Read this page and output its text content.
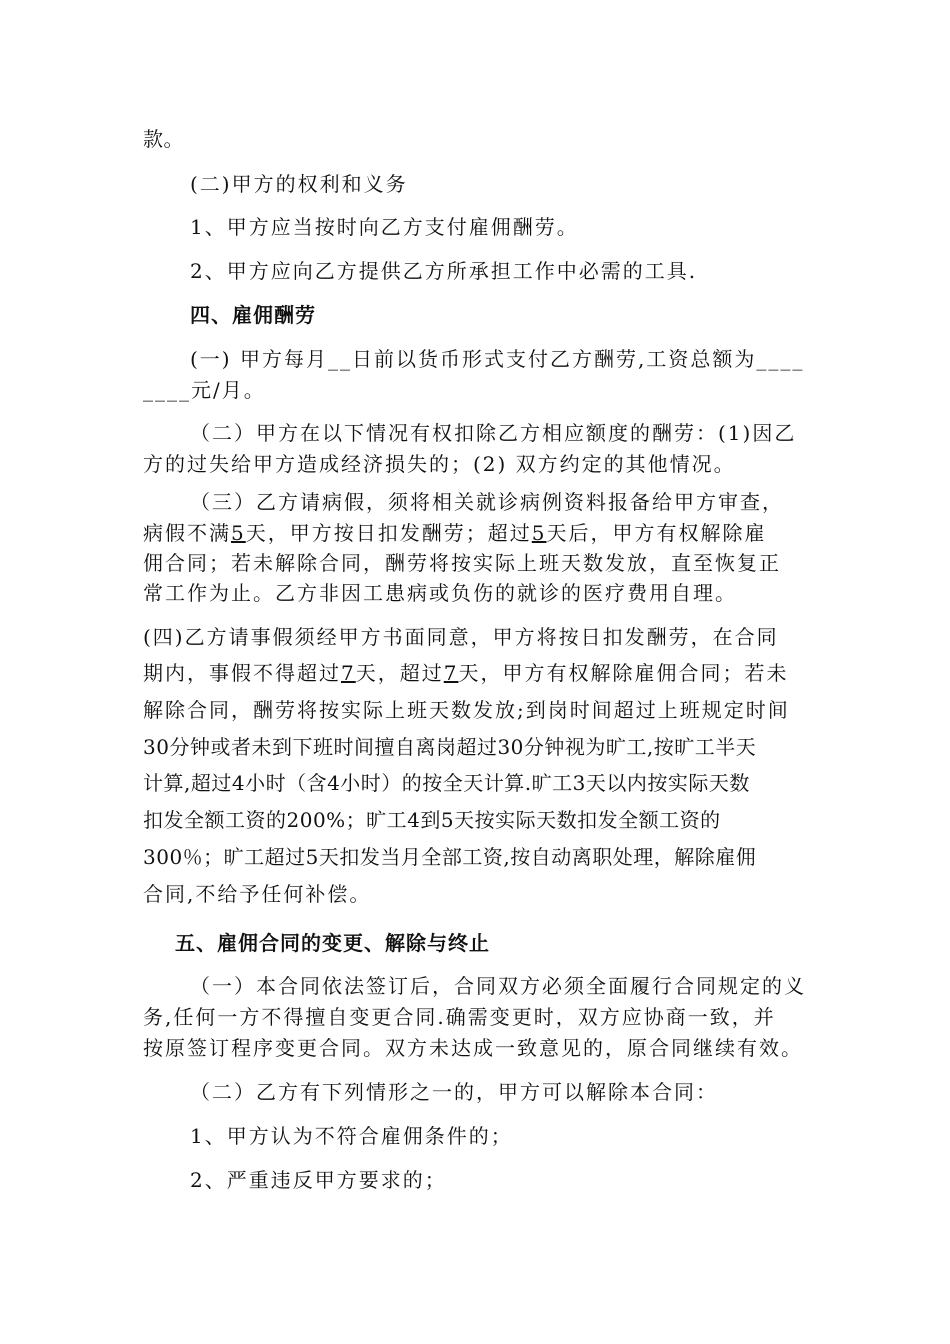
款。
(二)甲方的权利和义务
1、甲方应当按时向乙方支付雇佣酬劳。
2、甲方应向乙方提供乙方所承担工作中必需的工具.
四、雇佣酬劳
(一) 甲方每月__日前以货币形式支付乙方酬劳,工资总额为____
____元/月。
（二）甲方在以下情况有权扣除乙方相应额度的酬劳：(1)因乙
方的过失给甲方造成经济损失的；(2) 双方约定的其他情况。
（三）乙方请病假，须将相关就诊病例资料报备给甲方审查，
病假不满5天，甲方按日扣发酬劳；超过5天后，甲方有权解除雇
佣合同；若未解除合同，酬劳将按实际上班天数发放，直至恢复正
常工作为止。乙方非因工患病或负伤的就诊的医疗费用自理。
(四)乙方请事假须经甲方书面同意，甲方将按日扣发酬劳，在合同
期内，事假不得超过7天，超过7天，甲方有权解除雇佣合同；若未
解除合同，酬劳将按实际上班天数发放;到岗时间超过上班规定时间
30分钟或者未到下班时间擅自离岗超过30分钟视为旷工,按旷工半天
计算,超过4小时（含4小时）的按全天计算.旷工3天以内按实际天数
扣发全额工资的200%；旷工4到5天按实际天数扣发全额工资的
300％；旷工超过5天扣发当月全部工资,按自动离职处理，解除雇佣
合同,不给予任何补偿。
五、雇佣合同的变更、解除与终止
（一）本合同依法签订后，合同双方必须全面履行合同规定的义
务,任何一方不得擅自变更合同.确需变更时，双方应协商一致，并
按原签订程序变更合同。双方未达成一致意见的，原合同继续有效。
（二）乙方有下列情形之一的，甲方可以解除本合同：
1、甲方认为不符合雇佣条件的；
2、严重违反甲方要求的；
